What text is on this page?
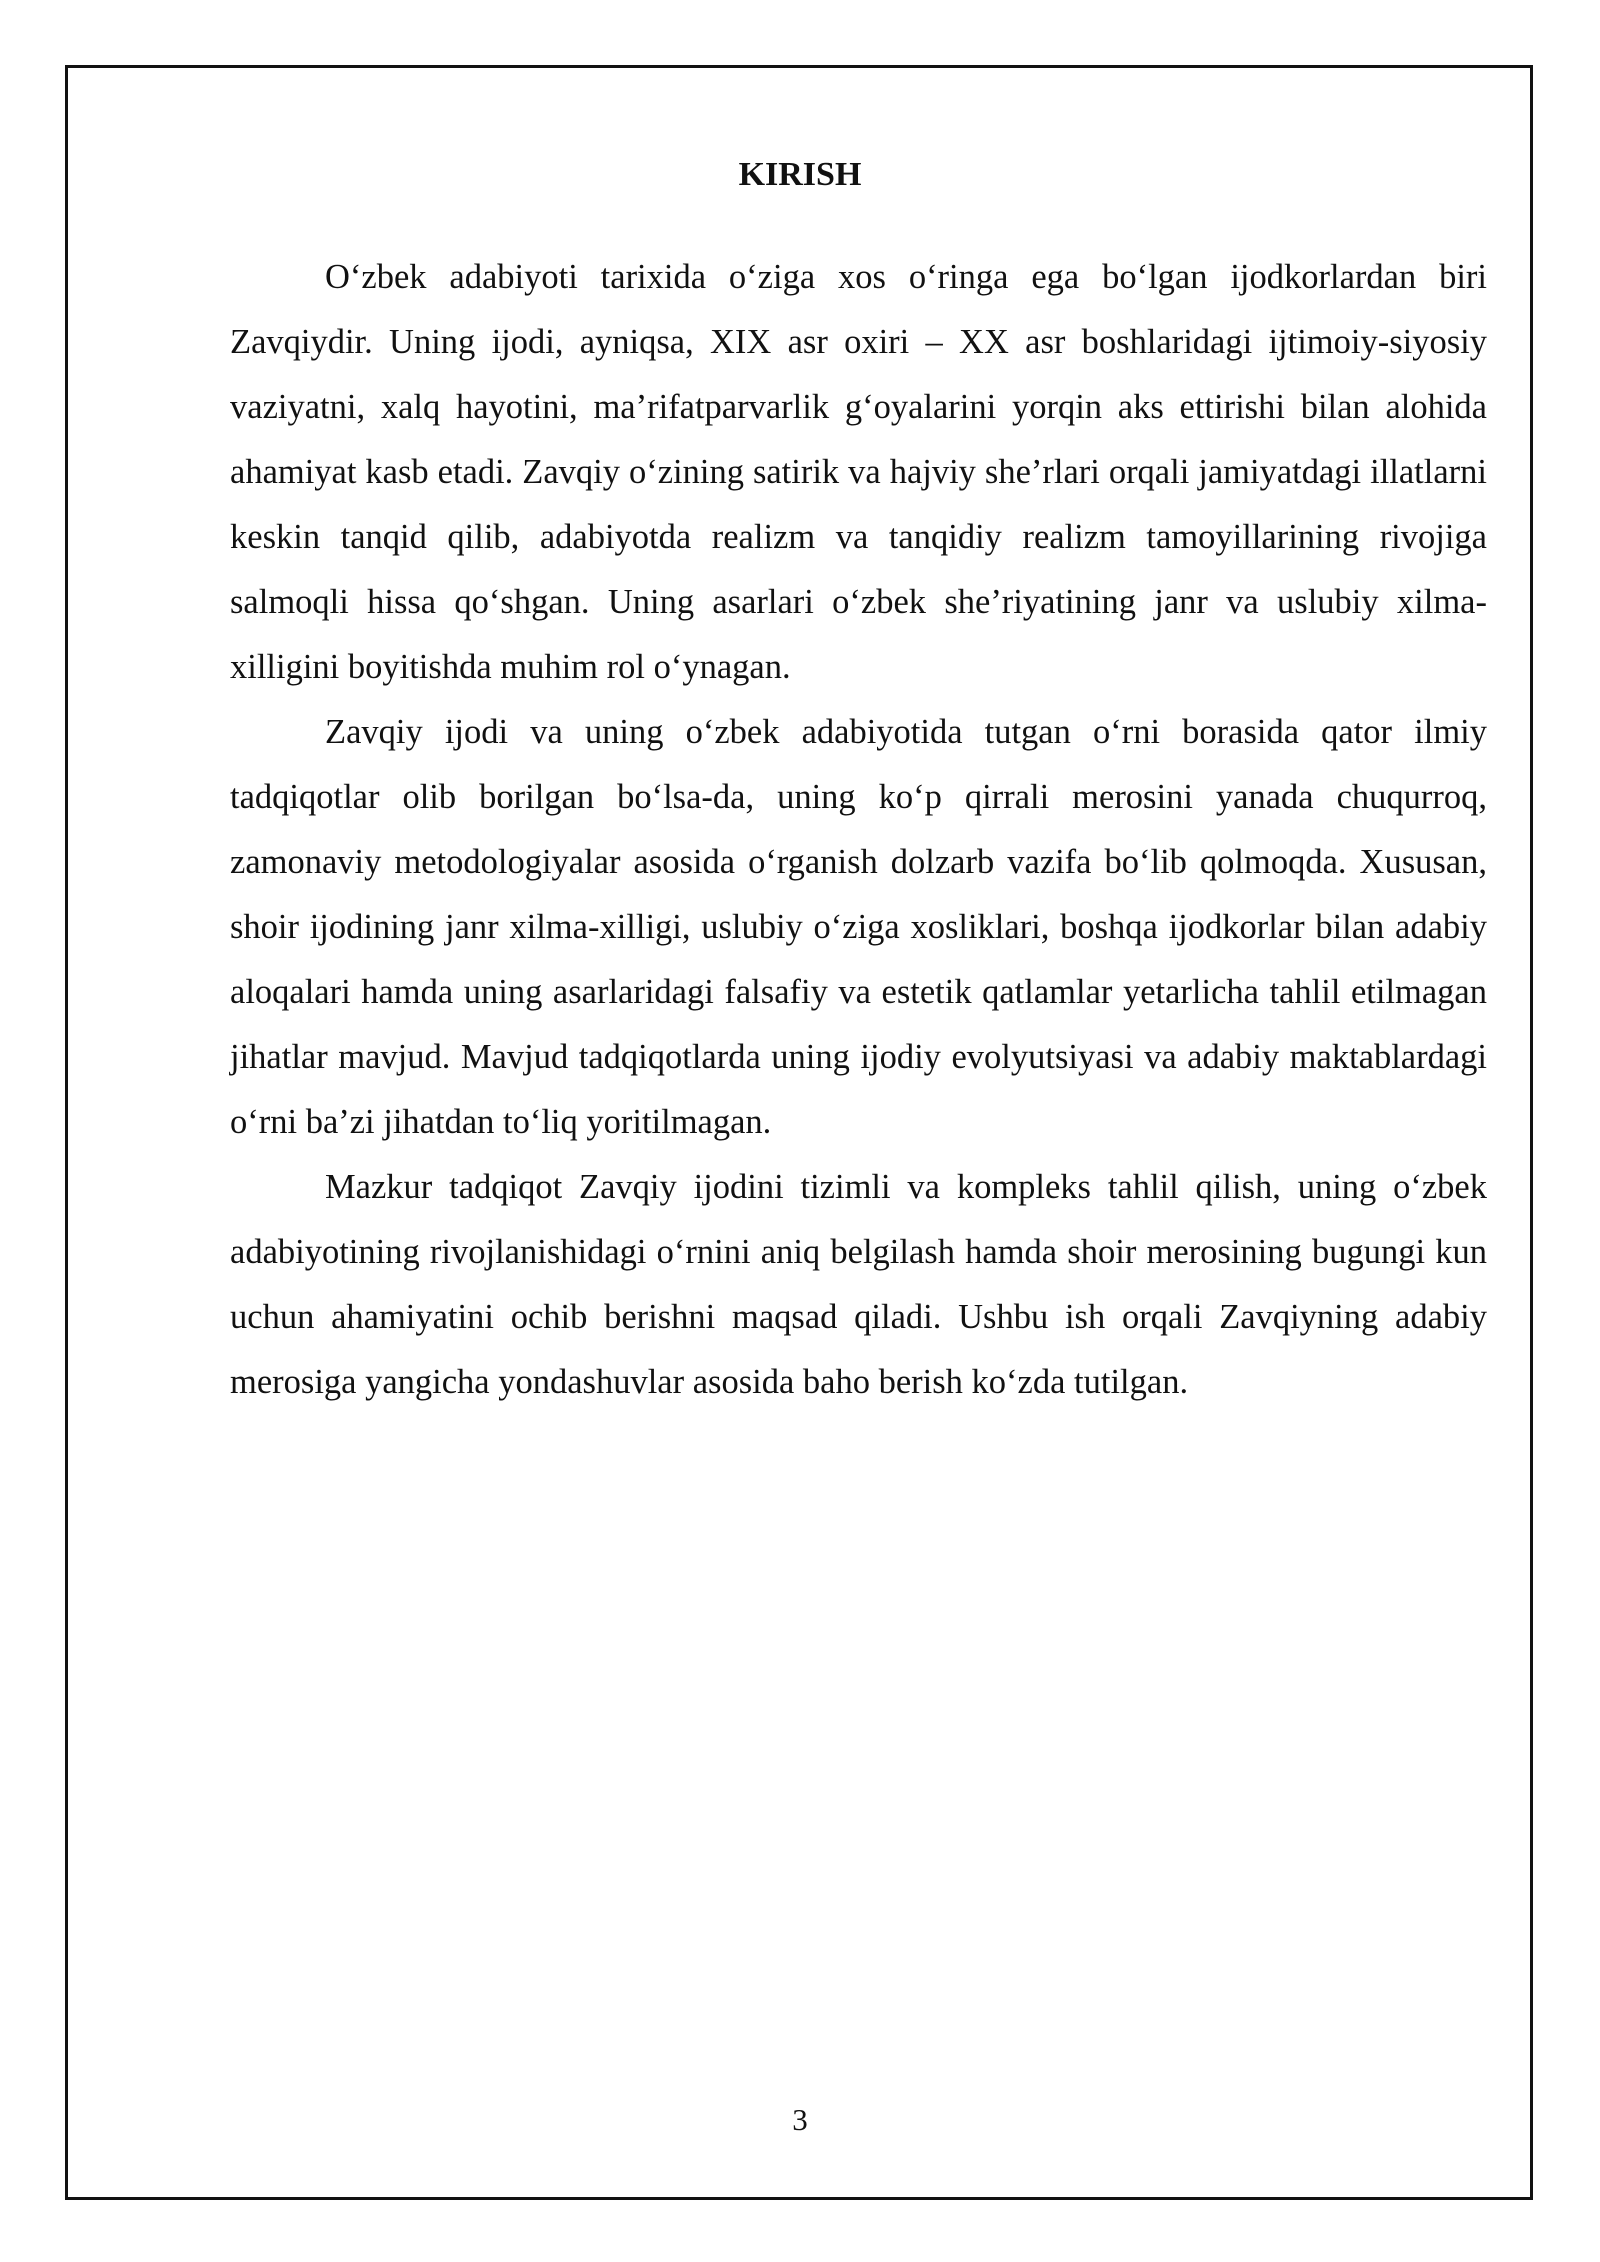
KIRISH

O‘zbek adabiyoti tarixida o‘ziga xos o‘ringa ega bo‘lgan ijodkorlardan biri Zavqiydir. Uning ijodi, ayniqsa, XIX asr oxiri – XX asr boshlaridagi ijtimoiy-siyosiy vaziyatni, xalq hayotini, ma’rifatparvarlik g‘oyalarini yorqin aks ettirishi bilan alohida ahamiyat kasb etadi. Zavqiy o‘zining satirik va hajviy she’rlari orqali jamiyatdagi illatlarni keskin tanqid qilib, adabiyotda realizm va tanqidiy realizm tamoyillarining rivojiga salmoqli hissa qo‘shgan. Uning asarlari o‘zbek she’riyatining janr va uslubiy xilma-xilligini boyitishda muhim rol o‘ynagan.

Zavqiy ijodi va uning o‘zbek adabiyotida tutgan o‘rni borasida qator ilmiy tadqiqotlar olib borilgan bo‘lsa-da, uning ko‘p qirrali merosini yanada chuqurroq, zamonaviy metodologiyalar asosida o‘rganish dolzarb vazifa bo‘lib qolmoqda. Xususan, shoir ijodining janr xilma-xilligi, uslubiy o‘ziga xosliklari, boshqa ijodkorlar bilan adabiy aloqalari hamda uning asarlaridagi falsafiy va estetik qatlamlar yetarlicha tahlil etilmagan jihatlar mavjud. Mavjud tadqiqotlarda uning ijodiy evolyutsiyasi va adabiy maktablardagi o‘rni ba’zi jihatdan to‘liq yoritilmagan.

Mazkur tadqiqot Zavqiy ijodini tizimli va kompleks tahlil qilish, uning o‘zbek adabiyotining rivojlanishidagi o‘rnini aniq belgilash hamda shoir merosining bugungi kun uchun ahamiyatini ochib berishni maqsad qiladi. Ushbu ish orqali Zavqiyning adabiy merosiga yangicha yondashuvlar asosida baho berish ko‘zda tutilgan.

3
